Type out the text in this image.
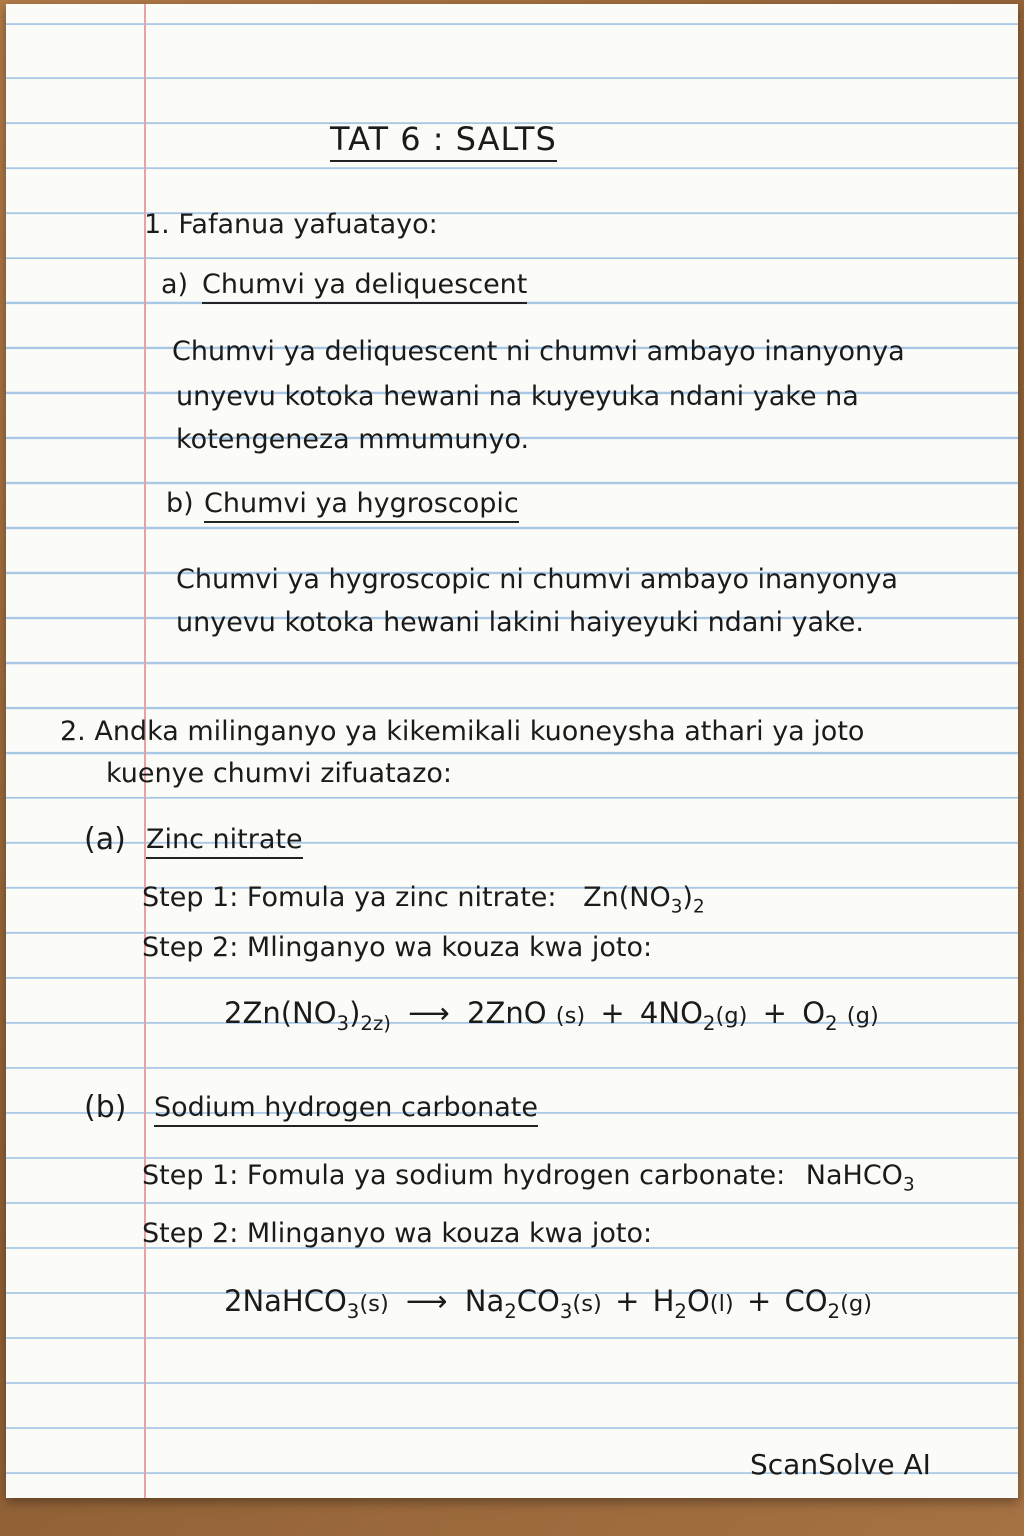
TAT 6 : SALTS
1. Fafanua yafuatayo:
a) Chumvi ya deliquescent
Chumvi ya deliquescent ni chumvi ambayo inanyonya
unyevu kotoka hewani na kuyeyuka ndani yake na
kotengeneza mmumunyo.
b) Chumvi ya hygroscopic
Chumvi ya hygroscopic ni chumvi ambayo inanyonya
unyevu kotoka hewani lakini haiyeyuki ndani yake.
2. Andka milinganyo ya kikemikali kuoneysha athari ya joto
kuenye chumvi zifuatazo:
(a) Zinc nitrate
Step 1: Fomula ya zinc nitrate: $Zn(NO_3)_2$
Step 2: Mlinganyo wa kouza kwa joto:
$2Zn(NO_3)_{2z)}$ ⟶ 2ZnO $(s) + 4NO_2(g) + O_2$ (g)
(b) Sodium hydrogen carbonate
Step 1: Fomula ya sodium hydrogen carbonate: NaHCO$_3$
Step 2: Mlinganyo wa kouza kwa joto:
2NaHCO$_3$(s) ⟶ $Na_2CO_3(s) + H_2O(l) + CO_2(g)$
ScanSolve AI
